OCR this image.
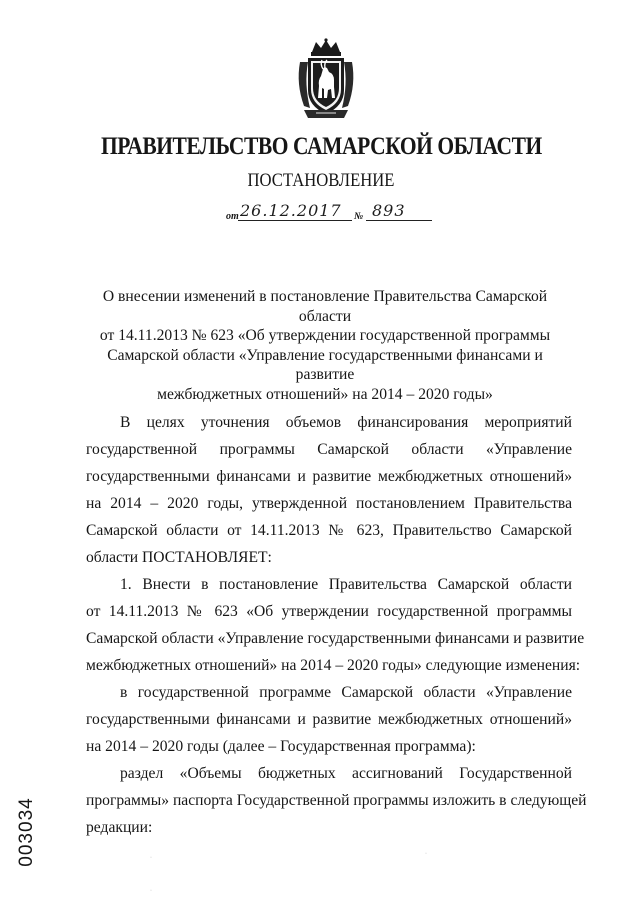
ПРАВИТЕЛЬСТВО САМАРСКОЙ ОБЛАСТИ
ПОСТАНОВЛЕНИЕ
от 26.12.2017 № 893
О внесении изменений в постановление Правительства Самарской области
от 14.11.2013 № 623 «Об утверждении государственной программы
Самарской области «Управление государственными финансами и развитие
межбюджетных отношений» на 2014 – 2020 годы»
В целях уточнения объемов финансирования мероприятий
государственной программы Самарской области «Управление
государственными финансами и развитие межбюджетных отношений»
на 2014 – 2020 годы, утвержденной постановлением Правительства
Самарской области от 14.11.2013 № 623, Правительство Самарской
области ПОСТАНОВЛЯЕТ:
1. Внести в постановление Правительства Самарской области
от 14.11.2013 № 623 «Об утверждении государственной программы
Самарской области «Управление государственными финансами и развитие
межбюджетных отношений» на 2014 – 2020 годы» следующие изменения:
в государственной программе Самарской области «Управление
государственными финансами и развитие межбюджетных отношений»
на 2014 – 2020 годы (далее – Государственная программа):
раздел «Объемы бюджетных ассигнований Государственной
программы» паспорта Государственной программы изложить в следующей
редакции:
003034	·
·
·
